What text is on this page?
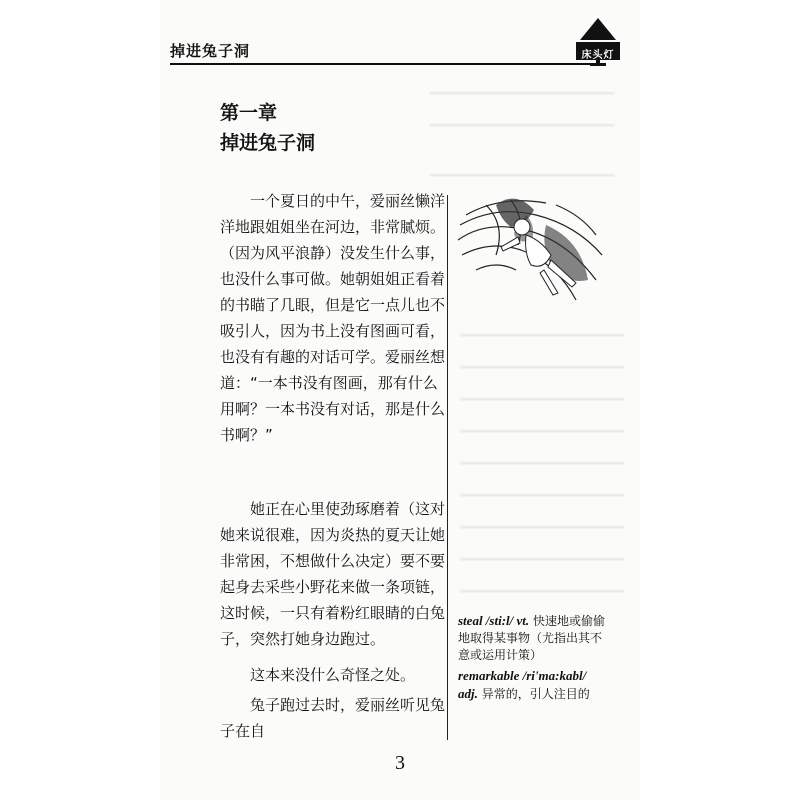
━━━━━━━━━━━━━━━━━━
━━━━━━━━━━━━━━━━━━
━━━━━━━━━━━━━━━━━━
━━━━━━━━━━━━━━━━
━━━━━━━━━━━━━━━━
━━━━━━━━━━━━━━━━
━━━━━━━━━━━━━━━━
━━━━━━━━━━━━━━━━
━━━━━━━━━━━━━━━━
━━━━━━━━━━━━━━━━
━━━━━━━━━━━━━━━━
━━━━━━━━━━━━━━━━
掉进兔子洞	床头灯
第一章
掉进兔子洞

一个夏日的中午，爱丽丝懒洋洋地跟姐姐坐在河边，非常腻烦。（因为风平浪静）没发生什么事，也没什么事可做。她朝姐姐正看着的书瞄了几眼，但是它一点儿也不吸引人，因为书上没有图画可看，也没有有趣的对话可学。爱丽丝想道：“一本书没有图画，那有什么用啊？一本书没有对话，那是什么书啊？”

她正在心里使劲琢磨着（这对她来说很难，因为炎热的夏天让她非常困，不想做什么决定）要不要起身去采些小野花来做一条项链，这时候，一只有着粉红眼睛的白兔子，突然打她身边跑过。

这本来没什么奇怪之处。

兔子跑过去时，爱丽丝听见兔子在自

steal /sti:l/ vt. 快速地或偷偷地取得某事物（尤指出其不意或运用计策）

remarkable /ri'ma:kabl/ adj. 异常的，引人注目的

3
